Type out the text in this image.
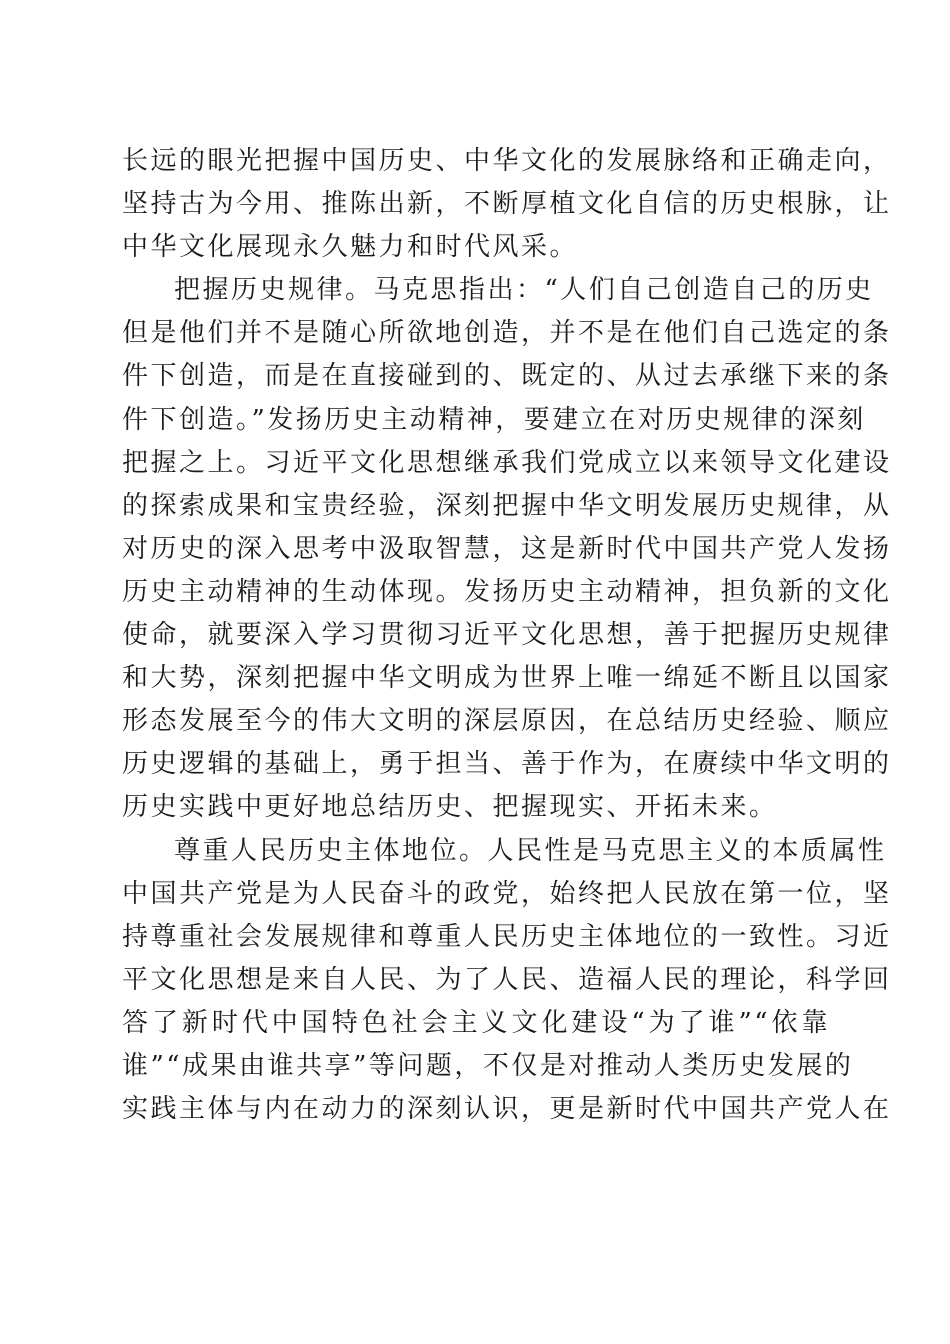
长远的眼光把握中国历史、中华文化的发展脉络和正确走向，
坚持古为今用、推陈出新，不断厚植文化自信的历史根脉，让
中华文化展现永久魅力和时代风采。
把握历史规律。马克思指出：“人们自己创造自己的历史
但是他们并不是随心所欲地创造，并不是在他们自己选定的条
件下创造，而是在直接碰到的、既定的、从过去承继下来的条
件下创造。”发扬历史主动精神，要建立在对历史规律的深刻
把握之上。习近平文化思想继承我们党成立以来领导文化建设
的探索成果和宝贵经验，深刻把握中华文明发展历史规律，从
对历史的深入思考中汲取智慧，这是新时代中国共产党人发扬
历史主动精神的生动体现。发扬历史主动精神，担负新的文化
使命，就要深入学习贯彻习近平文化思想，善于把握历史规律
和大势，深刻把握中华文明成为世界上唯一绵延不断且以国家
形态发展至今的伟大文明的深层原因，在总结历史经验、顺应
历史逻辑的基础上，勇于担当、善于作为，在赓续中华文明的
历史实践中更好地总结历史、把握现实、开拓未来。
尊重人民历史主体地位。人民性是马克思主义的本质属性
中国共产党是为人民奋斗的政党，始终把人民放在第一位，坚
持尊重社会发展规律和尊重人民历史主体地位的一致性。习近
平文化思想是来自人民、为了人民、造福人民的理论，科学回
答了新时代中国特色社会主义文化建设“为了谁”“依靠
谁”“成果由谁共享”等问题，不仅是对推动人类历史发展的
实践主体与内在动力的深刻认识，更是新时代中国共产党人在
